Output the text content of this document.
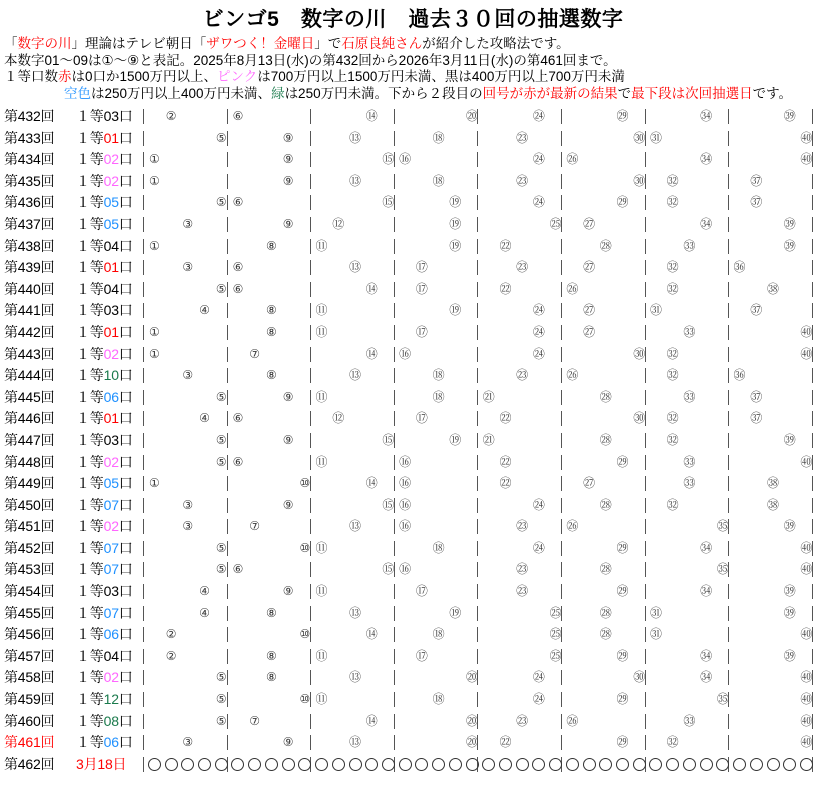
ビンゴ5　数字の川　過去３０回の抽選数字
「数字の川」理論はテレビ朝日「ザワつく！金曜日」で石原良純さんが紹介した攻略法です。
本数字01〜09は①〜⑨と表記。2025年8月13日(水)の第432回から2026年3月11日(水)の第461回まで。
１等口数赤は0口か1500万円以上、ピンクは700万円以上1500万円未満、黒は400万円以上700万円未満
空色は250万円以上400万円未満、緑は250万円未満。下から２段目の回号が赤が最新の結果で最下段は次回抽選日です。
第432回 １等03口	②	⑥	⑭	⑳	㉔	㉙	㉞	㊴
第433回 １等01口	⑤	⑨	⑬	⑱	㉓	㉚ ㉛	㊵
第434回 １等02口 ①	⑨	⑮ ⑯	㉔ ㉖	㉞	㊵
第435回 １等02口 ①	⑨	⑬	⑱	㉓	㉚ ㉜	㊲
第436回 １等05口	⑤ ⑥	⑮	⑲	㉔	㉙	㉜	㊲
第437回 １等05口	③	⑨	⑫	⑲	㉕ ㉗	㉞	㊴
第438回 １等04口 ①	⑧	⑪	⑲	㉒	㉘	㉝	㊴
第439回 １等01口	③	⑥	⑬	⑰	㉓	㉗	㉜	㊱
第440回 １等04口	⑤ ⑥	⑭	⑰	㉒	㉖	㉜	㊳
第441回 １等03口	④	⑧	⑪	⑲	㉔	㉗	㉛	㊲
第442回 １等01口 ①	⑧	⑪	⑰	㉔	㉗	㉝	㊵
第443回 １等02口 ①	⑦	⑭ ⑯	㉔	㉚ ㉜	㊵
第444回 １等10口	③	⑧	⑬	⑱	㉓	㉖	㉜	㊱
第445回 １等06口	⑤	⑨ ⑪	⑱	㉑	㉘	㉝	㊲
第446回 １等01口	④ ⑥	⑫	⑰	㉒	㉚ ㉜	㊲
第447回 １等03口	⑤	⑨	⑮	⑲ ㉑	㉘	㉜	㊴
第448回 １等02口	⑤ ⑥	⑪	⑯	㉒	㉙	㉝	㊵
第449回 １等05口 ①	⑩	⑭ ⑯	㉒	㉗	㉝	㊳
第450回 １等07口	③	⑨	⑮ ⑯	㉔	㉘	㉜	㊳
第451回 １等02口	③	⑦	⑬	⑯	㉓	㉖	㉟	㊴
第452回 １等07口	⑤	⑩ ⑪	⑱	㉔	㉙	㉞	㊵
第453回 １等07口	⑤ ⑥	⑮ ⑯	㉓	㉘	㉟	㊵
第454回 １等03口	④	⑨ ⑪	⑰	㉓	㉙	㉞	㊴
第455回 １等07口	④	⑧	⑬	⑲	㉕	㉘	㉛	㊴
第456回 １等06口	②	⑩	⑭	⑱	㉕	㉘	㉛	㊵
第457回 １等04口	②	⑧	⑪	⑰	㉕	㉙	㉞	㊴
第458回 １等02口	⑤	⑧	⑬	⑳	㉔	㉚	㉞	㊵
第459回 １等12口	⑤	⑩ ⑪	⑱	㉔	㉙	㉟	㊵
第460回 １等08口	⑤ ⑦	⑭	⑳	㉓	㉖	㉝	㊵
第461回 １等06口	③	⑨	⑬	⑳ ㉒	㉙	㉜	㊵
第462回 3月18日
